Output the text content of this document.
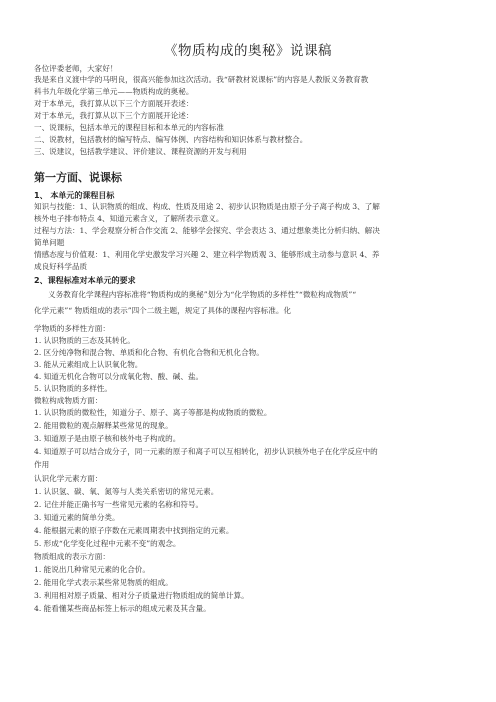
《物质构成的奥秘》说课稿
各位评委老师，大家好！
我是来自义渡中学的马明良，很高兴能参加这次活动。我“研教材说课标”的内容是人教版义务教育教
科书九年级化学第三单元——物质构成的奥秘。
对于本单元，我打算从以下三个方面展开表述：
对于本单元，我打算从以下三个方面展开论述：
一、说课标，包括本单元的课程目标和本单元的内容标准
二、说教材，包括教材的编写特点、编写体例、内容结构和知识体系与教材整合。
三、说建议，包括教学建议、评价建议、课程资源的开发与利用
第一方面、说课标
1、 本单元的课程目标
知识与技能：1、认识物质的组成、构成、性质及用途 2、初步认识物质是由原子分子离子构成 3、了解
核外电子排布特点 4、知道元素含义，了解所表示意义。
过程与方法：1、学会观察分析合作交流 2、能够学会探究、学会表达 3、通过想象类比分析归纳、解决
简单问题
情感态度与价值观：1、利用化学史激发学习兴趣 2、建立科学物质观 3、能够形成主动参与意识 4、养
成良好科学品质
2、课程标准对本单元的要求
义务教育化学课程内容标准将“物质构成的奥秘”划分为“化学物质的多样性”“微粒构成物质”“
化学元素”“ 物质组成的表示”四个二级主题，规定了具体的课程内容标准。化
学物质的多样性方面：
1. 认识物质的三态及其转化。
2. 区分纯净物和混合物、单质和化合物、有机化合物和无机化合物。
3. 能从元素组成上认识氧化物。
4. 知道无机化合物可以分成氧化物、酸、碱、盐。
5. 认识物质的多样性。
微粒构成物质方面：
1. 认识物质的微粒性，知道分子、原子、离子等都是构成物质的微粒。
2. 能用微粒的观点解释某些常见的现象。
3. 知道原子是由原子核和核外电子构成的。
4. 知道原子可以结合成分子，同一元素的原子和离子可以互相转化，初步认识核外电子在化学反应中的
作用
认识化学元素方面：
1. 认识氢、碳、氧、氮等与人类关系密切的常见元素。
2. 记住并能正确书写一些常见元素的名称和符号。
3. 知道元素的简单分类。
4. 能根据元素的原子序数在元素周期表中找到指定的元素。
5. 形成“化学变化过程中元素不变”的观念。
物质组成的表示方面：
1. 能说出几种常见元素的化合价。
2. 能用化学式表示某些常见物质的组成。
3. 利用相对原子质量、相对分子质量进行物质组成的简单计算。
4. 能看懂某些商品标签上标示的组成元素及其含量。
